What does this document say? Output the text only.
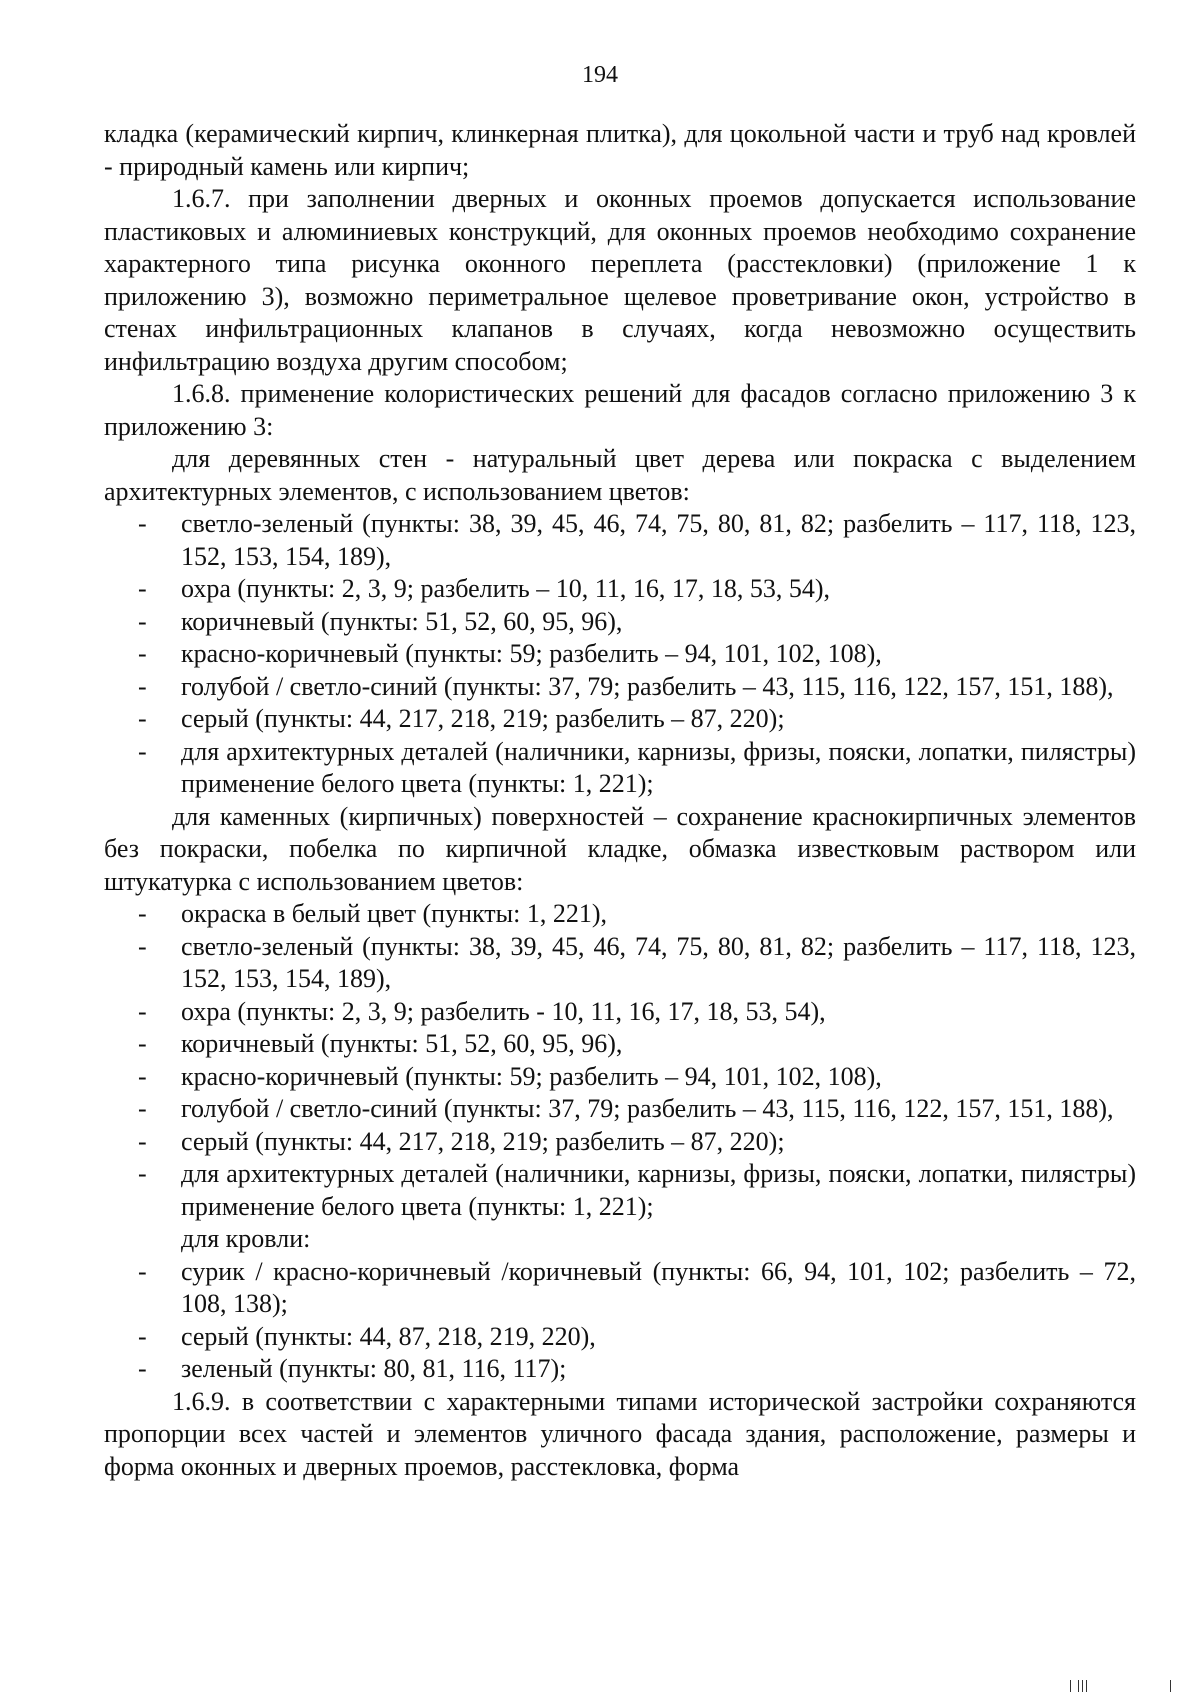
194

кладка (керамический кирпич, клинкерная плитка), для цокольной части и труб над кровлей - природный камень или кирпич;

1.6.7. при заполнении дверных и оконных проемов допускается использование пластиковых и алюминиевых конструкций, для оконных проемов необходимо сохранение характерного типа рисунка оконного переплета (расстекловки) (приложение 1 к приложению 3), возможно периметральное щелевое проветривание окон, устройство в стенах инфильтрационных клапанов в случаях, когда невозможно осуществить инфильтрацию воздуха другим способом;

1.6.8. применение колористических решений для фасадов согласно приложению 3 к приложению 3:

для деревянных стен - натуральный цвет дерева или покраска с выделением архитектурных элементов, с использованием цветов:

- светло-зеленый (пункты: 38, 39, 45, 46, 74, 75, 80, 81, 82; разбелить – 117, 118, 123, 152, 153, 154, 189),
- охра (пункты: 2, 3, 9; разбелить – 10, 11, 16, 17, 18, 53, 54),
- коричневый (пункты: 51, 52, 60, 95, 96),
- красно-коричневый (пункты: 59; разбелить – 94, 101, 102, 108),
- голубой / светло-синий (пункты: 37, 79; разбелить – 43, 115, 116, 122, 157, 151, 188),
- серый (пункты: 44, 217, 218, 219; разбелить – 87, 220);
- для архитектурных деталей (наличники, карнизы, фризы, пояски, лопатки, пилястры) применение белого цвета (пункты: 1, 221);

для каменных (кирпичных) поверхностей – сохранение краснокирпичных элементов без покраски, побелка по кирпичной кладке, обмазка известковым раствором или штукатурка с использованием цветов:

- окраска в белый цвет (пункты: 1, 221),
- светло-зеленый (пункты: 38, 39, 45, 46, 74, 75, 80, 81, 82; разбелить – 117, 118, 123, 152, 153, 154, 189),
- охра (пункты: 2, 3, 9; разбелить - 10, 11, 16, 17, 18, 53, 54),
- коричневый (пункты: 51, 52, 60, 95, 96),
- красно-коричневый (пункты: 59; разбелить – 94, 101, 102, 108),
- голубой / светло-синий (пункты: 37, 79; разбелить – 43, 115, 116, 122, 157, 151, 188),
- серый (пункты: 44, 217, 218, 219; разбелить – 87, 220);
- для архитектурных деталей (наличники, карнизы, фризы, пояски, лопатки, пилястры) применение белого цвета (пункты: 1, 221);

для кровли:

- сурик / красно-коричневый /коричневый (пункты: 66, 94, 101, 102; разбелить – 72, 108, 138);
- серый (пункты: 44, 87, 218, 219, 220),
- зеленый (пункты: 80, 81, 116, 117);

1.6.9. в соответствии с характерными типами исторической застройки сохраняются пропорции всех частей и элементов уличного фасада здания, расположение, размеры и форма оконных и дверных проемов, расстекловка, форма
